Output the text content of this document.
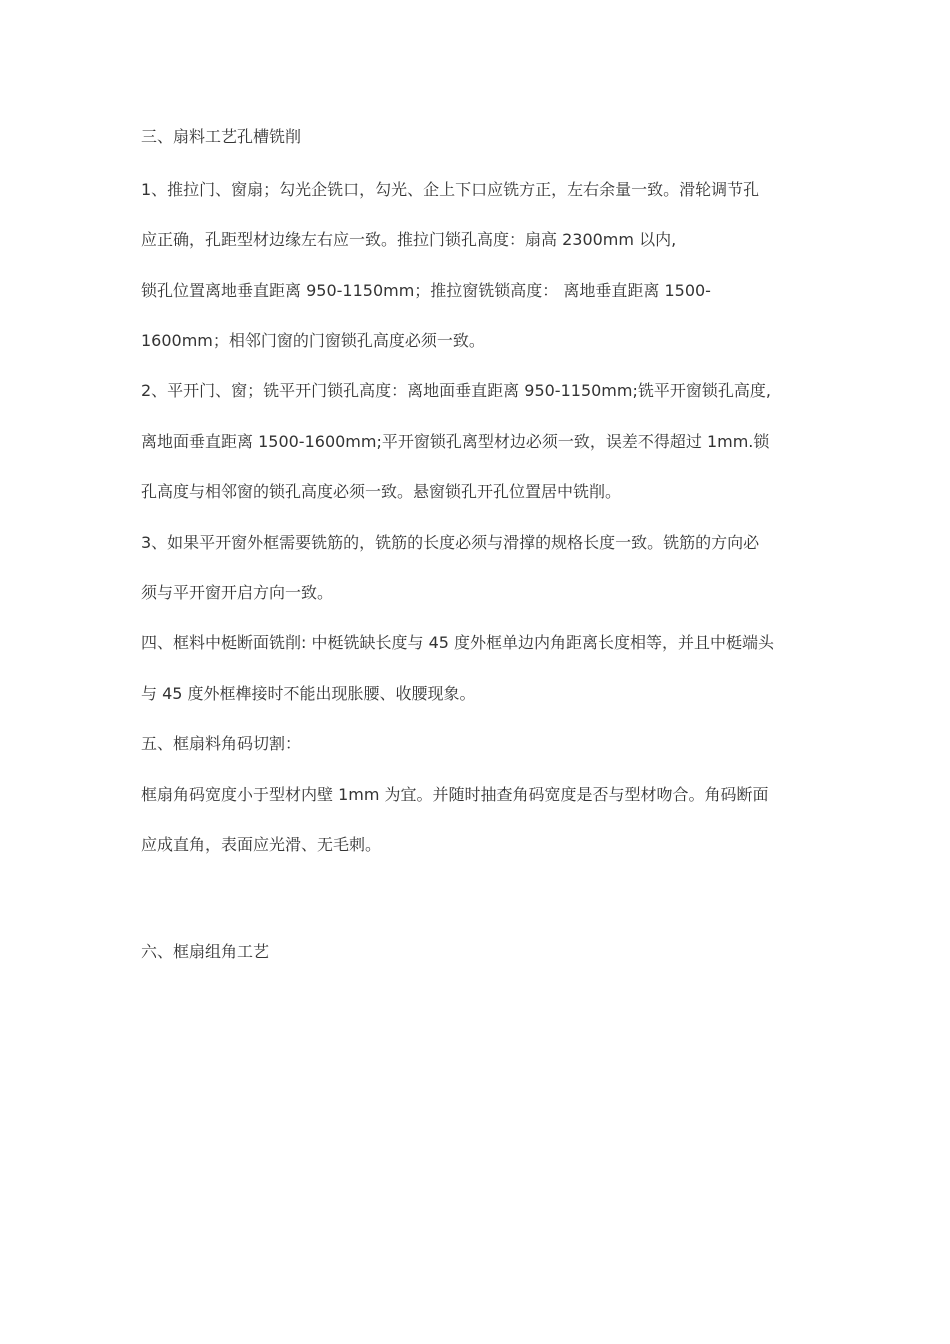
三、扇料工艺孔槽铣削
1、推拉门、窗扇；勾光企铣口，勾光、企上下口应铣方正，左右余量一致。滑轮调节孔
应正确，孔距型材边缘左右应一致。推拉门锁孔高度：扇高 2300mm 以内,
锁孔位置离地垂直距离 950-1150mm；推拉窗铣锁高度： 离地垂直距离 1500-
1600mm；相邻门窗的门窗锁孔高度必须一致。
2、平开门、窗；铣平开门锁孔高度：离地面垂直距离 950-1150mm;铣平开窗锁孔高度,
离地面垂直距离 1500-1600mm;平开窗锁孔离型材边必须一致，误差不得超过 1mm.锁
孔高度与相邻窗的锁孔高度必须一致。悬窗锁孔开孔位置居中铣削。
3、如果平开窗外框需要铣筋的，铣筋的长度必须与滑撑的规格长度一致。铣筋的方向必
须与平开窗开启方向一致。
四、框料中梃断面铣削: 中梃铣缺长度与 45 度外框单边内角距离长度相等，并且中梃端头
与 45 度外框榫接时不能出现胀腰、收腰现象。
五、框扇料角码切割：
框扇角码宽度小于型材内壁 1mm 为宜。并随时抽查角码宽度是否与型材吻合。角码断面
应成直角，表面应光滑、无毛刺。
六、框扇组角工艺
